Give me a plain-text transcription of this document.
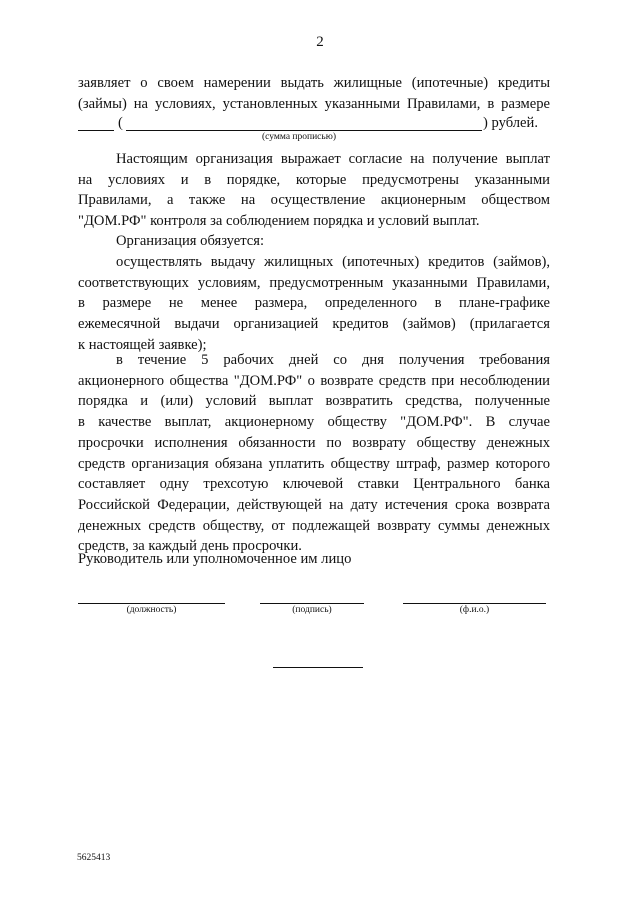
2
заявляет о своем намерении выдать жилищные (ипотечные) кредиты
(займы) на условиях, установленных указанными Правилами, в размере
(	) рублей.
(сумма прописью)
Настоящим организация выражает согласие на получение выплат
на условиях и в порядке, которые предусмотрены указанными
Правилами, а также на осуществление акционерным обществом
"ДОМ.РФ" контроля за соблюдением порядка и условий выплат.
Организация обязуется:
осуществлять выдачу жилищных (ипотечных) кредитов (займов),
соответствующих условиям, предусмотренным указанными Правилами,
в размере не менее размера, определенного в плане-графике
ежемесячной выдачи организацией кредитов (займов) (прилагается
к настоящей заявке);
в течение 5 рабочих дней со дня получения требования
акционерного общества "ДОМ.РФ" о возврате средств при несоблюдении
порядка и (или) условий выплат возвратить средства, полученные
в качестве выплат, акционерному обществу "ДОМ.РФ". В случае
просрочки исполнения обязанности по возврату обществу денежных
средств организация обязана уплатить обществу штраф, размер которого
составляет одну трехсотую ключевой ставки Центрального банка
Российской Федерации, действующей на дату истечения срока возврата
денежных средств обществу, от подлежащей возврату суммы денежных
средств, за каждый день просрочки.
Руководитель или уполномоченное им лицо
(должность)	(подпись)	(ф.и.о.)
5625413
